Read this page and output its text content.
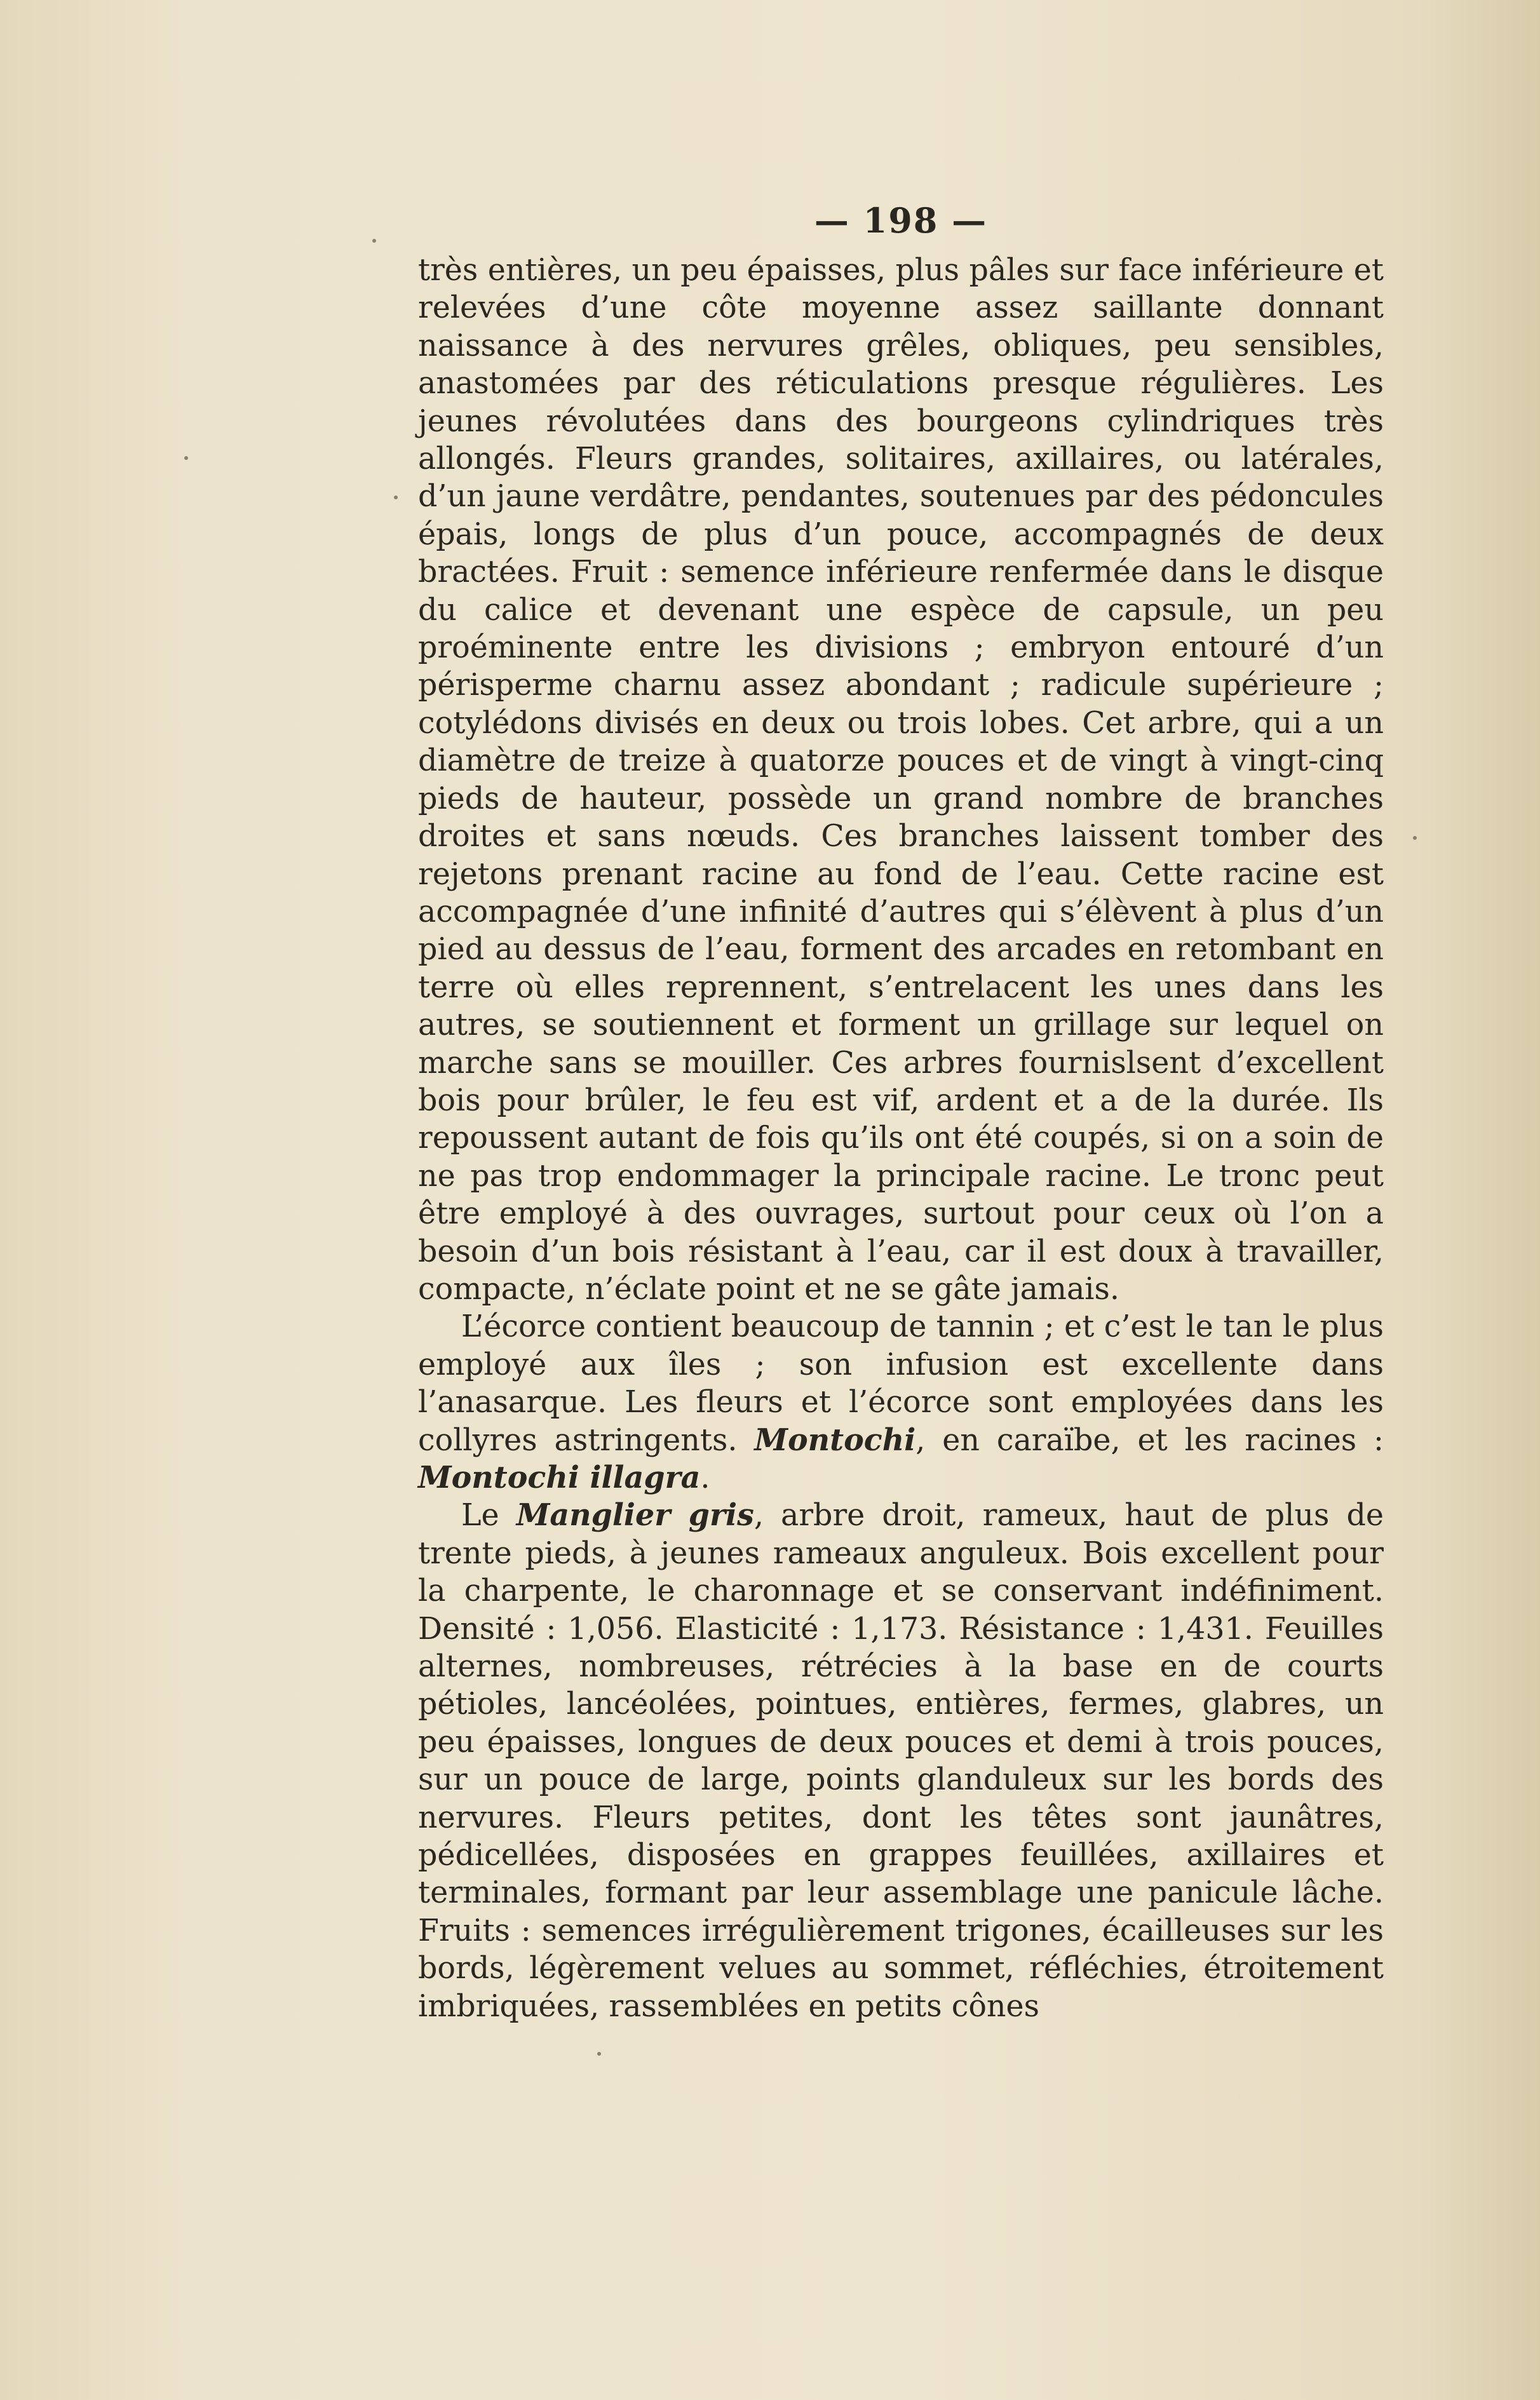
— 198 —

très entières, un peu épaisses, plus pâles sur face inférieure et relevées d’une côte moyenne assez saillante donnant naissance à des nervures grêles, obliques, peu sensibles, anastomées par des réticulations presque régulières. Les jeunes révolutées dans des bourgeons cylindriques très allongés. Fleurs grandes, solitaires, axillaires, ou latérales, d’un jaune verdâtre, pendantes, soutenues par des pédoncules épais, longs de plus d’un pouce, accompagnés de deux bractées. Fruit : semence inférieure renfermée dans le disque du calice et devenant une espèce de capsule, un peu proéminente entre les divisions ; embryon entouré d’un périsperme charnu assez abondant ; radicule supérieure ; cotylédons divisés en deux ou trois lobes. Cet arbre, qui a un diamètre de treize à quatorze pouces et de vingt à vingt-cinq pieds de hauteur, possède un grand nombre de branches droites et sans nœuds. Ces branches laissent tomber des rejetons prenant racine au fond de l’eau. Cette racine est accompagnée d’une infinité d’autres qui s’élèvent à plus d’un pied au dessus de l’eau, forment des arcades en retombant en terre où elles reprennent, s’entrelacent les unes dans les autres, se soutiennent et forment un grillage sur lequel on marche sans se mouiller. Ces arbres fournislsent d’excellent bois pour brûler, le feu est vif, ardent et a de la durée. Ils repoussent autant de fois qu’ils ont été coupés, si on a soin de ne pas trop endommager la principale racine. Le tronc peut être employé à des ouvrages, surtout pour ceux où l’on a besoin d’un bois résistant à l’eau, car il est doux à travailler, compacte, n’éclate point et ne se gâte jamais.

L’écorce contient beaucoup de tannin ; et c’est le tan le plus employé aux îles ; son infusion est excellente dans l’anasarque. Les fleurs et l’écorce sont employées dans les collyres astringents. Montochi, en caraïbe, et les racines : Montochi illagra.

Le Manglier gris, arbre droit, rameux, haut de plus de trente pieds, à jeunes rameaux anguleux. Bois excellent pour la charpente, le charonnage et se conservant indéfiniment. Densité : 1,056. Elasticité : 1,173. Résistance : 1,431. Feuilles alternes, nombreuses, rétrécies à la base en de courts pétioles, lancéolées, pointues, entières, fermes, glabres, un peu épaisses, longues de deux pouces et demi à trois pouces, sur un pouce de large, points glanduleux sur les bords des nervures. Fleurs petites, dont les têtes sont jaunâtres, pédicellées, disposées en grappes feuillées, axillaires et terminales, formant par leur assemblage une panicule lâche. Fruits : semences irrégulièrement trigones, écailleuses sur les bords, légèrement velues au sommet, réfléchies, étroitement imbriquées, rassemblées en petits cônes
